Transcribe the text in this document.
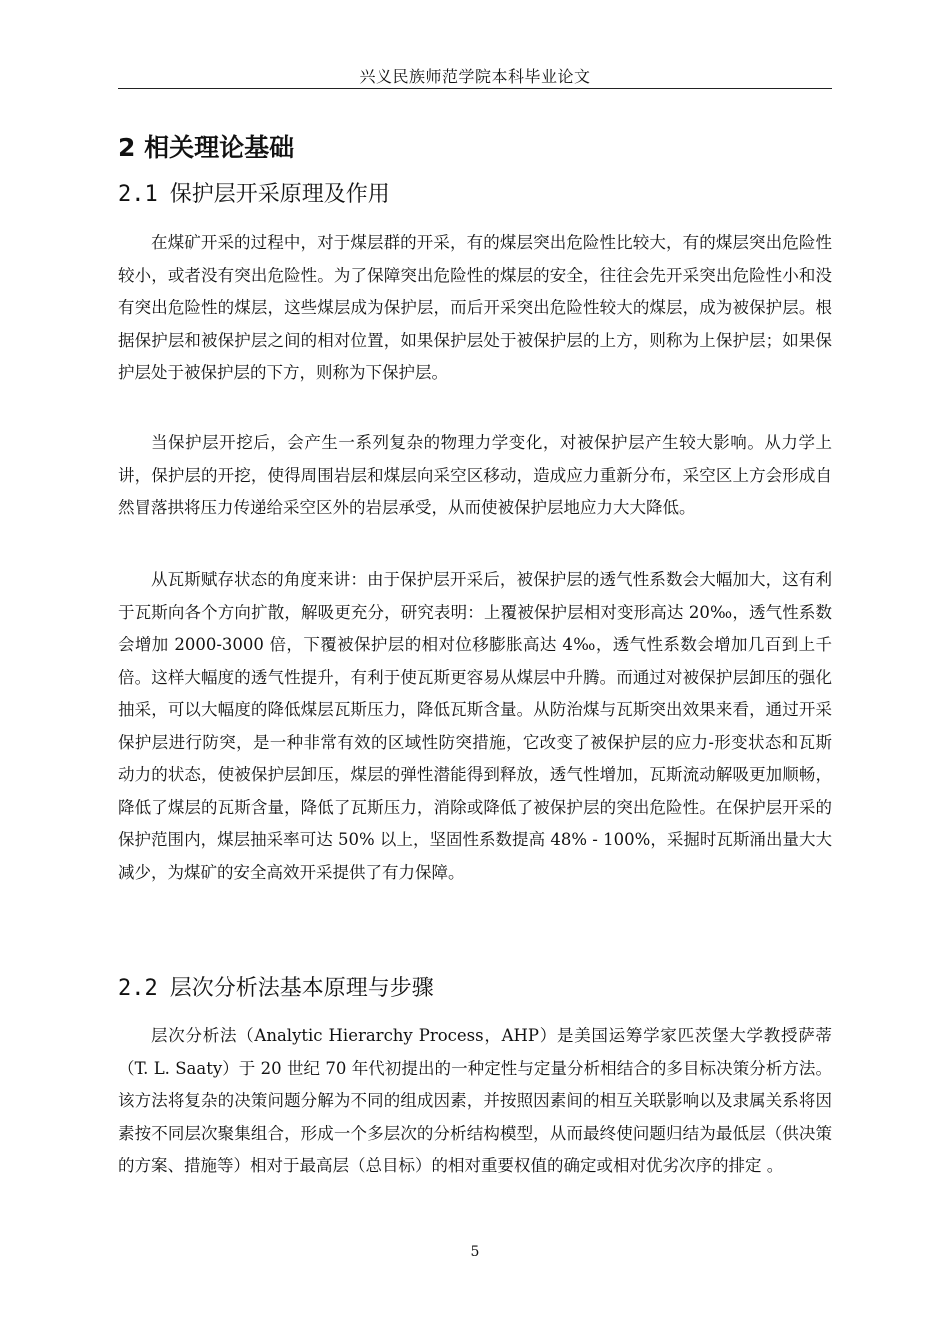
兴义民族师范学院本科毕业论文
2 相关理论基础
2.1 保护层开采原理及作用

在煤矿开采的过程中，对于煤层群的开采，有的煤层突出危险性比较大，有的煤层突出危险性较小，或者没有突出危险性。为了保障突出危险性的煤层的安全，往往会先开采突出危险性小和没有突出危险性的煤层，这些煤层成为保护层，而后开采突出危险性较大的煤层，成为被保护层。根据保护层和被保护层之间的相对位置，如果保护层处于被保护层的上方，则称为上保护层；如果保护层处于被保护层的下方，则称为下保护层。

当保护层开挖后，会产生一系列复杂的物理力学变化，对被保护层产生较大影响。从力学上讲，保护层的开挖，使得周围岩层和煤层向采空区移动，造成应力重新分布，采空区上方会形成自然冒落拱将压力传递给采空区外的岩层承受，从而使被保护层地应力大大降低。

从瓦斯赋存状态的角度来讲：由于保护层开采后，被保护层的透气性系数会大幅加大，这有利于瓦斯向各个方向扩散，解吸更充分，研究表明：上覆被保护层相对变形高达 20‰，透气性系数会增加 2000-3000 倍，下覆被保护层的相对位移膨胀高达 4‰，透气性系数会增加几百到上千倍。这样大幅度的透气性提升，有利于使瓦斯更容易从煤层中升腾。而通过对被保护层卸压的强化抽采，可以大幅度的降低煤层瓦斯压力，降低瓦斯含量。从防治煤与瓦斯突出效果来看，通过开采保护层进行防突，是一种非常有效的区域性防突措施，它改变了被保护层的应力-形变状态和瓦斯动力的状态，使被保护层卸压，煤层的弹性潜能得到释放，透气性增加，瓦斯流动解吸更加顺畅，降低了煤层的瓦斯含量，降低了瓦斯压力，消除或降低了被保护层的突出危险性。在保护层开采的保护范围内，煤层抽采率可达 50% 以上，坚固性系数提高 48% - 100%，采掘时瓦斯涌出量大大减少，为煤矿的安全高效开采提供了有力保障。

2.2 层次分析法基本原理与步骤

层次分析法（Analytic Hierarchy Process，AHP）是美国运筹学家匹茨堡大学教授萨蒂（T. L. Saaty）于 20 世纪 70 年代初提出的一种定性与定量分析相结合的多目标决策分析方法。该方法将复杂的决策问题分解为不同的组成因素，并按照因素间的相互关联影响以及隶属关系将因素按不同层次聚集组合，形成一个多层次的分析结构模型，从而最终使问题归结为最低层（供决策的方案、措施等）相对于最高层（总目标）的相对重要权值的确定或相对优劣次序的排定 。

5
